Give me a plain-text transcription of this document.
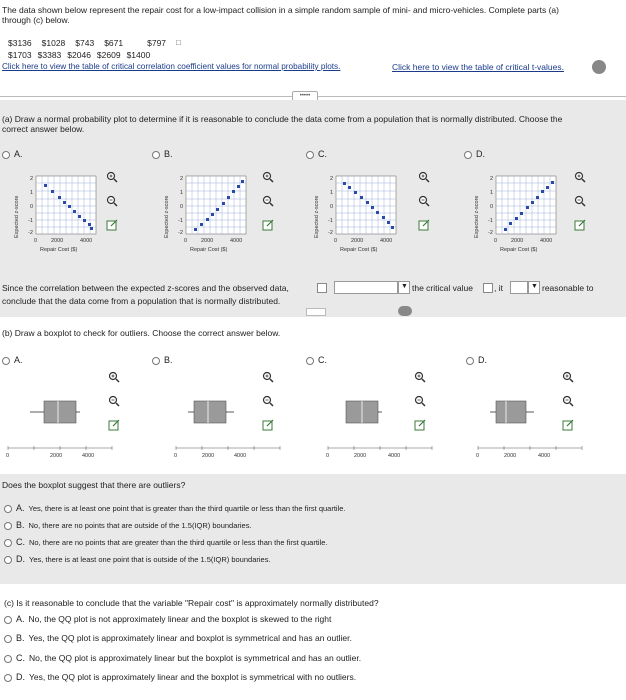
The data shown below represent the repair cost for a low-impact collision in a simple random sample of mini- and micro-vehicles. Complete parts (a)
through (c) below.
$3136 $1028 $743 $671	$797 □
$1703 $3383 $2046 $2609 $1400
Click here to view the table of critical correlation coefficient values for normal probability plots.	Click here to view the table of critical t-values.
•••••
(a) Draw a normal probability plot to determine if it is reasonable to conclude the data come from a population that is normally distributed. Choose the
correct answer below.
A.
2
1
0
-1
-2
0	2000	4000
Repair Cost ($)
Expected z-score
B.
2
1
0
-1
-2
0	2000	4000
Repair Cost ($)
Expected z-score
C.
2
1
0
-1
-2
0	2000	4000
Repair Cost ($)
Expected z-score
D.
2
1
0
-1
-2
0	2000	4000
Repair Cost ($)
Expected z-score
Since the correlation between the expected z-scores and the observed data,	▼ the critical value , it	▼ reasonable to
conclude that the data come from a population that is normally distributed.
(b) Draw a boxplot to check for outliers. Choose the correct answer below.
A.
0	2000	4000
B.
0	2000	4000
C.
0	2000	4000
D.
0	2000	4000
Does the boxplot suggest that there are outliers?
A. Yes, there is at least one point that is greater than the third quartile or less than the first quartile.
B. No, there are no points that are outside of the 1.5(IQR) boundaries.
C. No, there are no points that are greater than the third quartile or less than the first quartile.
D. Yes, there is at least one point that is outside of the 1.5(IQR) boundaries.
(c) Is it reasonable to conclude that the variable "Repair cost" is approximately normally distributed?
A. No, the QQ plot is not approximately linear and the boxplot is skewed to the right
B. Yes, the QQ plot is approximately linear and boxplot is symmetrical and has an outlier.
C. No, the QQ plot is approximately linear but the boxplot is symmetrical and has an outlier.
D. Yes, the QQ plot is approximately linear and the boxplot is symmetrical with no outliers.
